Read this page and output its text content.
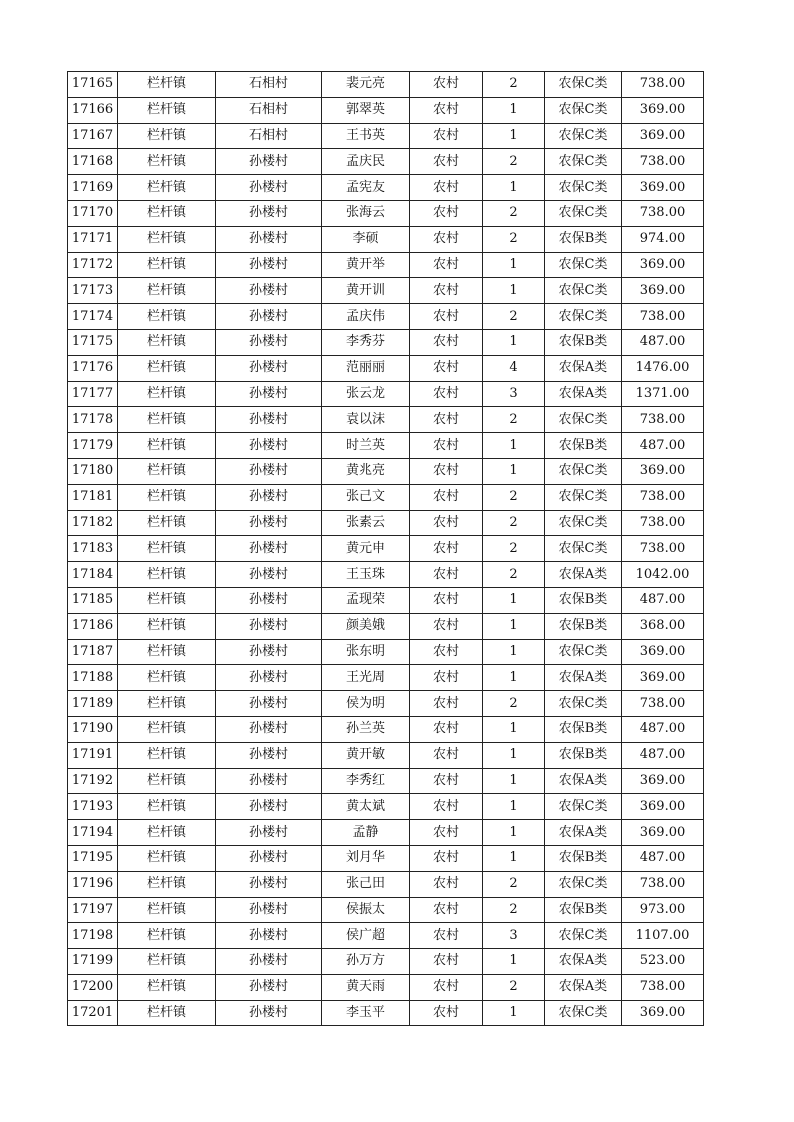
17165	栏杆镇	石相村	裴元亮	农村	2	农保C类	738.00
17166	栏杆镇	石相村	郭翠英	农村	1	农保C类	369.00
17167	栏杆镇	石相村	王书英	农村	1	农保C类	369.00
17168	栏杆镇	孙楼村	孟庆民	农村	2	农保C类	738.00
17169	栏杆镇	孙楼村	孟宪友	农村	1	农保C类	369.00
17170	栏杆镇	孙楼村	张海云	农村	2	农保C类	738.00
17171	栏杆镇	孙楼村	李硕	农村	2	农保B类	974.00
17172	栏杆镇	孙楼村	黄开举	农村	1	农保C类	369.00
17173	栏杆镇	孙楼村	黄开训	农村	1	农保C类	369.00
17174	栏杆镇	孙楼村	孟庆伟	农村	2	农保C类	738.00
17175	栏杆镇	孙楼村	李秀芬	农村	1	农保B类	487.00
17176	栏杆镇	孙楼村	范丽丽	农村	4	农保A类	1476.00
17177	栏杆镇	孙楼村	张云龙	农村	3	农保A类	1371.00
17178	栏杆镇	孙楼村	袁以沫	农村	2	农保C类	738.00
17179	栏杆镇	孙楼村	时兰英	农村	1	农保B类	487.00
17180	栏杆镇	孙楼村	黄兆亮	农村	1	农保C类	369.00
17181	栏杆镇	孙楼村	张己文	农村	2	农保C类	738.00
17182	栏杆镇	孙楼村	张素云	农村	2	农保C类	738.00
17183	栏杆镇	孙楼村	黄元申	农村	2	农保C类	738.00
17184	栏杆镇	孙楼村	王玉珠	农村	2	农保A类	1042.00
17185	栏杆镇	孙楼村	孟现荣	农村	1	农保B类	487.00
17186	栏杆镇	孙楼村	颜美娥	农村	1	农保B类	368.00
17187	栏杆镇	孙楼村	张东明	农村	1	农保C类	369.00
17188	栏杆镇	孙楼村	王光周	农村	1	农保A类	369.00
17189	栏杆镇	孙楼村	侯为明	农村	2	农保C类	738.00
17190	栏杆镇	孙楼村	孙兰英	农村	1	农保B类	487.00
17191	栏杆镇	孙楼村	黄开敏	农村	1	农保B类	487.00
17192	栏杆镇	孙楼村	李秀红	农村	1	农保A类	369.00
17193	栏杆镇	孙楼村	黄太斌	农村	1	农保C类	369.00
17194	栏杆镇	孙楼村	孟静	农村	1	农保A类	369.00
17195	栏杆镇	孙楼村	刘月华	农村	1	农保B类	487.00
17196	栏杆镇	孙楼村	张己田	农村	2	农保C类	738.00
17197	栏杆镇	孙楼村	侯振太	农村	2	农保B类	973.00
17198	栏杆镇	孙楼村	侯广超	农村	3	农保C类	1107.00
17199	栏杆镇	孙楼村	孙万方	农村	1	农保A类	523.00
17200	栏杆镇	孙楼村	黄天雨	农村	2	农保A类	738.00
17201	栏杆镇	孙楼村	李玉平	农村	1	农保C类	369.00
